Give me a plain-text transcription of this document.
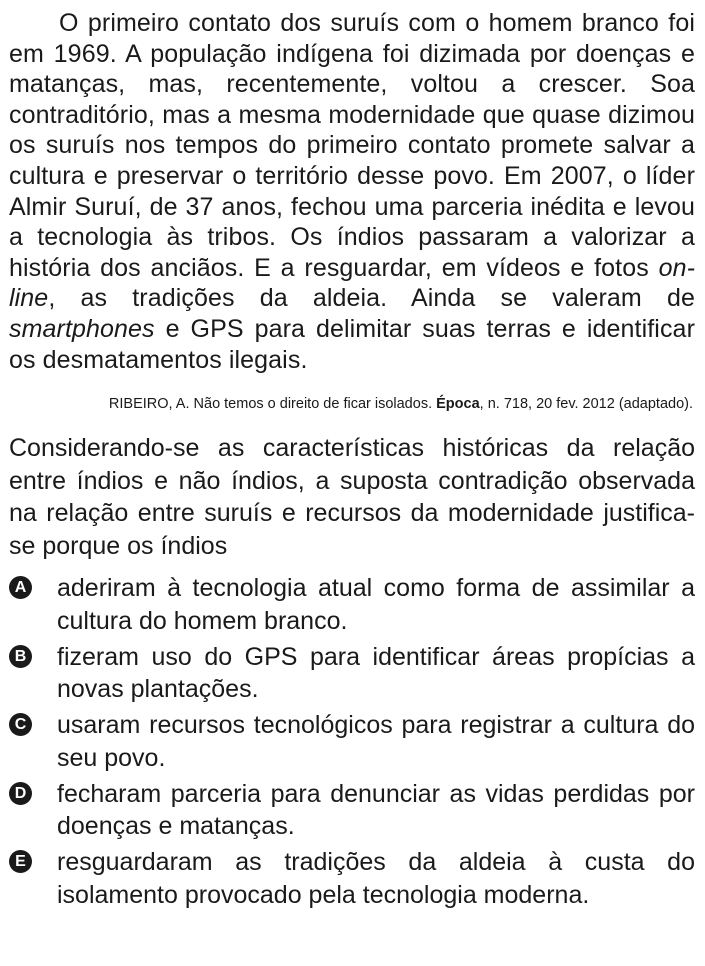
O primeiro contato dos suruís com o homem branco foi em 1969. A população indígena foi dizimada por doenças e matanças, mas, recentemente, voltou a crescer. Soa contraditório, mas a mesma modernidade que quase dizimou os suruís nos tempos do primeiro contato promete salvar a cultura e preservar o território desse povo. Em 2007, o líder Almir Suruí, de 37 anos, fechou uma parceria inédita e levou a tecnologia às tribos. Os índios passaram a valorizar a história dos anciãos. E a resguardar, em vídeos e fotos on-line, as tradições da aldeia. Ainda se valeram de smartphones e GPS para delimitar suas terras e identificar os desmatamentos ilegais.

RIBEIRO, A. Não temos o direito de ficar isolados. Época, n. 718, 20 fev. 2012 (adaptado).

Considerando-se as características históricas da relação entre índios e não índios, a suposta contradição observada na relação entre suruís e recursos da modernidade justifica-se porque os índios

A aderiram à tecnologia atual como forma de assimilar a cultura do homem branco.
B fizeram uso do GPS para identificar áreas propícias a novas plantações.
C usaram recursos tecnológicos para registrar a cultura do seu povo.
D fecharam parceria para denunciar as vidas perdidas por doenças e matanças.
E resguardaram as tradições da aldeia à custa do isolamento provocado pela tecnologia moderna.
